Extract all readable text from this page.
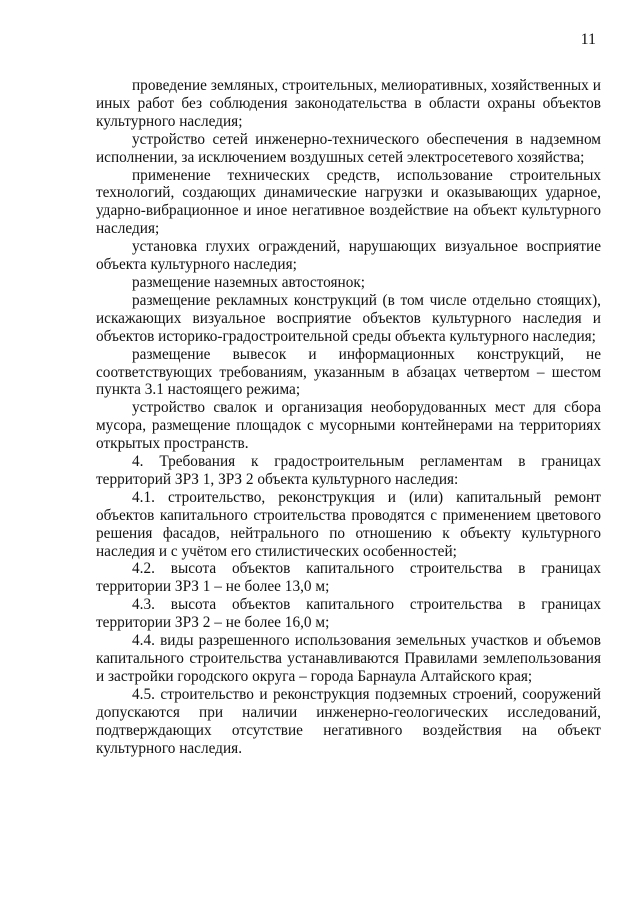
11

проведение земляных, строительных, мелиоративных, хозяйственных и иных работ без соблюдения законодательства в области охраны объектов культурного наследия;

устройство сетей инженерно-технического обеспечения в надземном исполнении, за исключением воздушных сетей электросетевого хозяйства;

применение технических средств, использование строительных технологий, создающих динамические нагрузки и оказывающих ударное, ударно-вибрационное и иное негативное воздействие на объект культурного наследия;

установка глухих ограждений, нарушающих визуальное восприятие объекта культурного наследия;

размещение наземных автостоянок;

размещение рекламных конструкций (в том числе отдельно стоящих), искажающих визуальное восприятие объектов культурного наследия и объектов историко-градостроительной среды объекта культурного наследия;

размещение вывесок и информационных конструкций, не соответствующих требованиям, указанным в абзацах четвертом – шестом пункта 3.1 настоящего режима;

устройство свалок и организация необорудованных мест для сбора мусора, размещение площадок с мусорными контейнерами на территориях открытых пространств.

4. Требования к градостроительным регламентам в границах территорий ЗРЗ 1, ЗРЗ 2 объекта культурного наследия:

4.1. строительство, реконструкция и (или) капитальный ремонт объектов капитального строительства проводятся с применением цветового решения фасадов, нейтрального по отношению к объекту культурного наследия и с учётом его стилистических особенностей;

4.2. высота объектов капитального строительства в границах территории ЗРЗ 1 – не более 13,0 м;

4.3. высота объектов капитального строительства в границах территории ЗРЗ 2 – не более 16,0 м;

4.4. виды разрешенного использования земельных участков и объемов капитального строительства устанавливаются Правилами землепользования и застройки городского округа – города Барнаула Алтайского края;

4.5. строительство и реконструкция подземных строений, сооружений допускаются при наличии инженерно-геологических исследований, подтверждающих отсутствие негативного воздействия на объект культурного наследия.
